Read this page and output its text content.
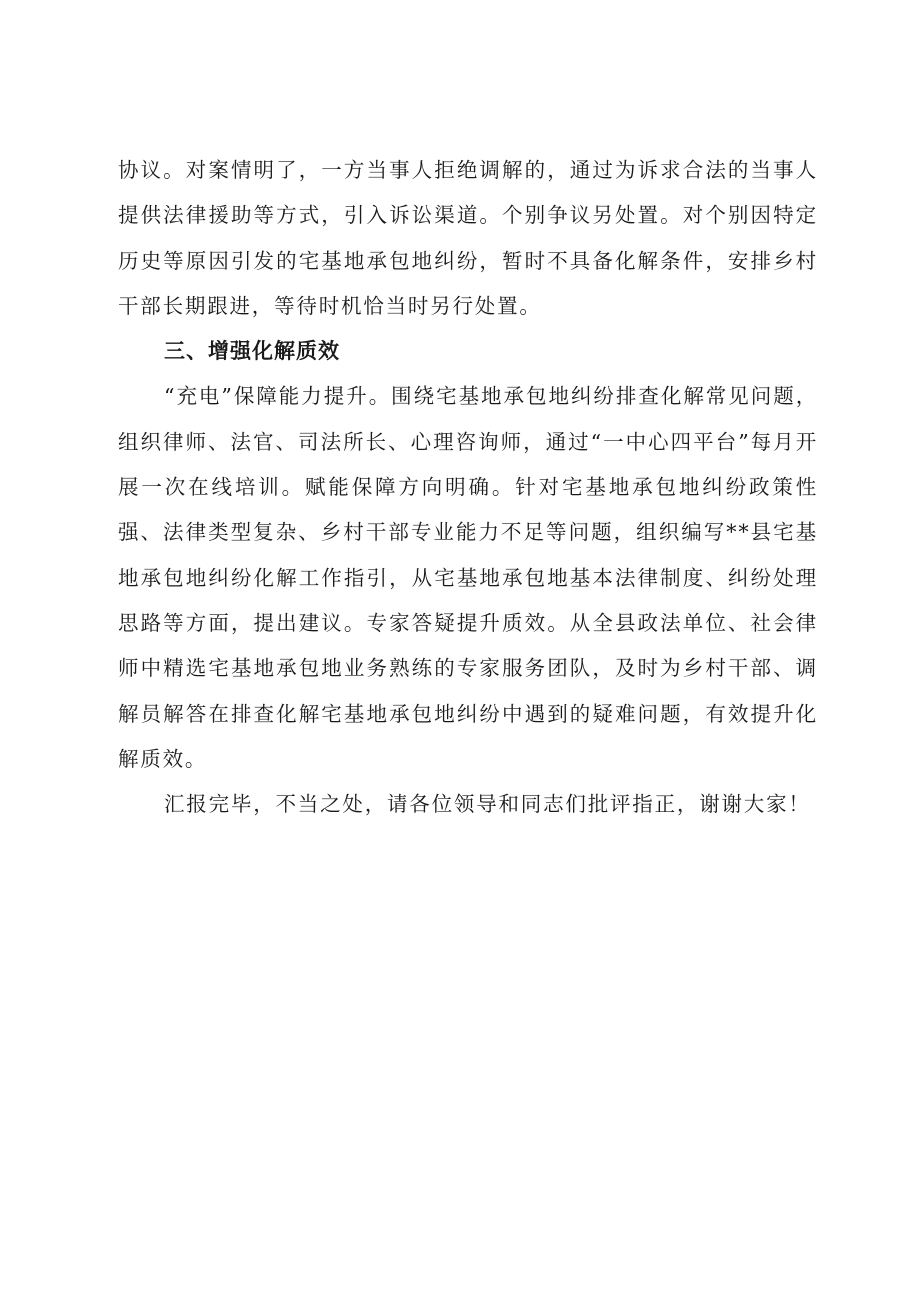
协议。对案情明了，一方当事人拒绝调解的，通过为诉求合法的当事人提供法律援助等方式，引入诉讼渠道。个别争议另处置。对个别因特定历史等原因引发的宅基地承包地纠纷，暂时不具备化解条件，安排乡村干部长期跟进，等待时机恰当时另行处置。

三、增强化解质效

“充电”保障能力提升。围绕宅基地承包地纠纷排查化解常见问题，组织律师、法官、司法所长、心理咨询师，通过“一中心四平台”每月开展一次在线培训。赋能保障方向明确。针对宅基地承包地纠纷政策性强、法律类型复杂、乡村干部专业能力不足等问题，组织编写**县宅基地承包地纠纷化解工作指引，从宅基地承包地基本法律制度、纠纷处理思路等方面，提出建议。专家答疑提升质效。从全县政法单位、社会律师中精选宅基地承包地业务熟练的专家服务团队，及时为乡村干部、调解员解答在排查化解宅基地承包地纠纷中遇到的疑难问题，有效提升化解质效。

汇报完毕，不当之处，请各位领导和同志们批评指正，谢谢大家！
